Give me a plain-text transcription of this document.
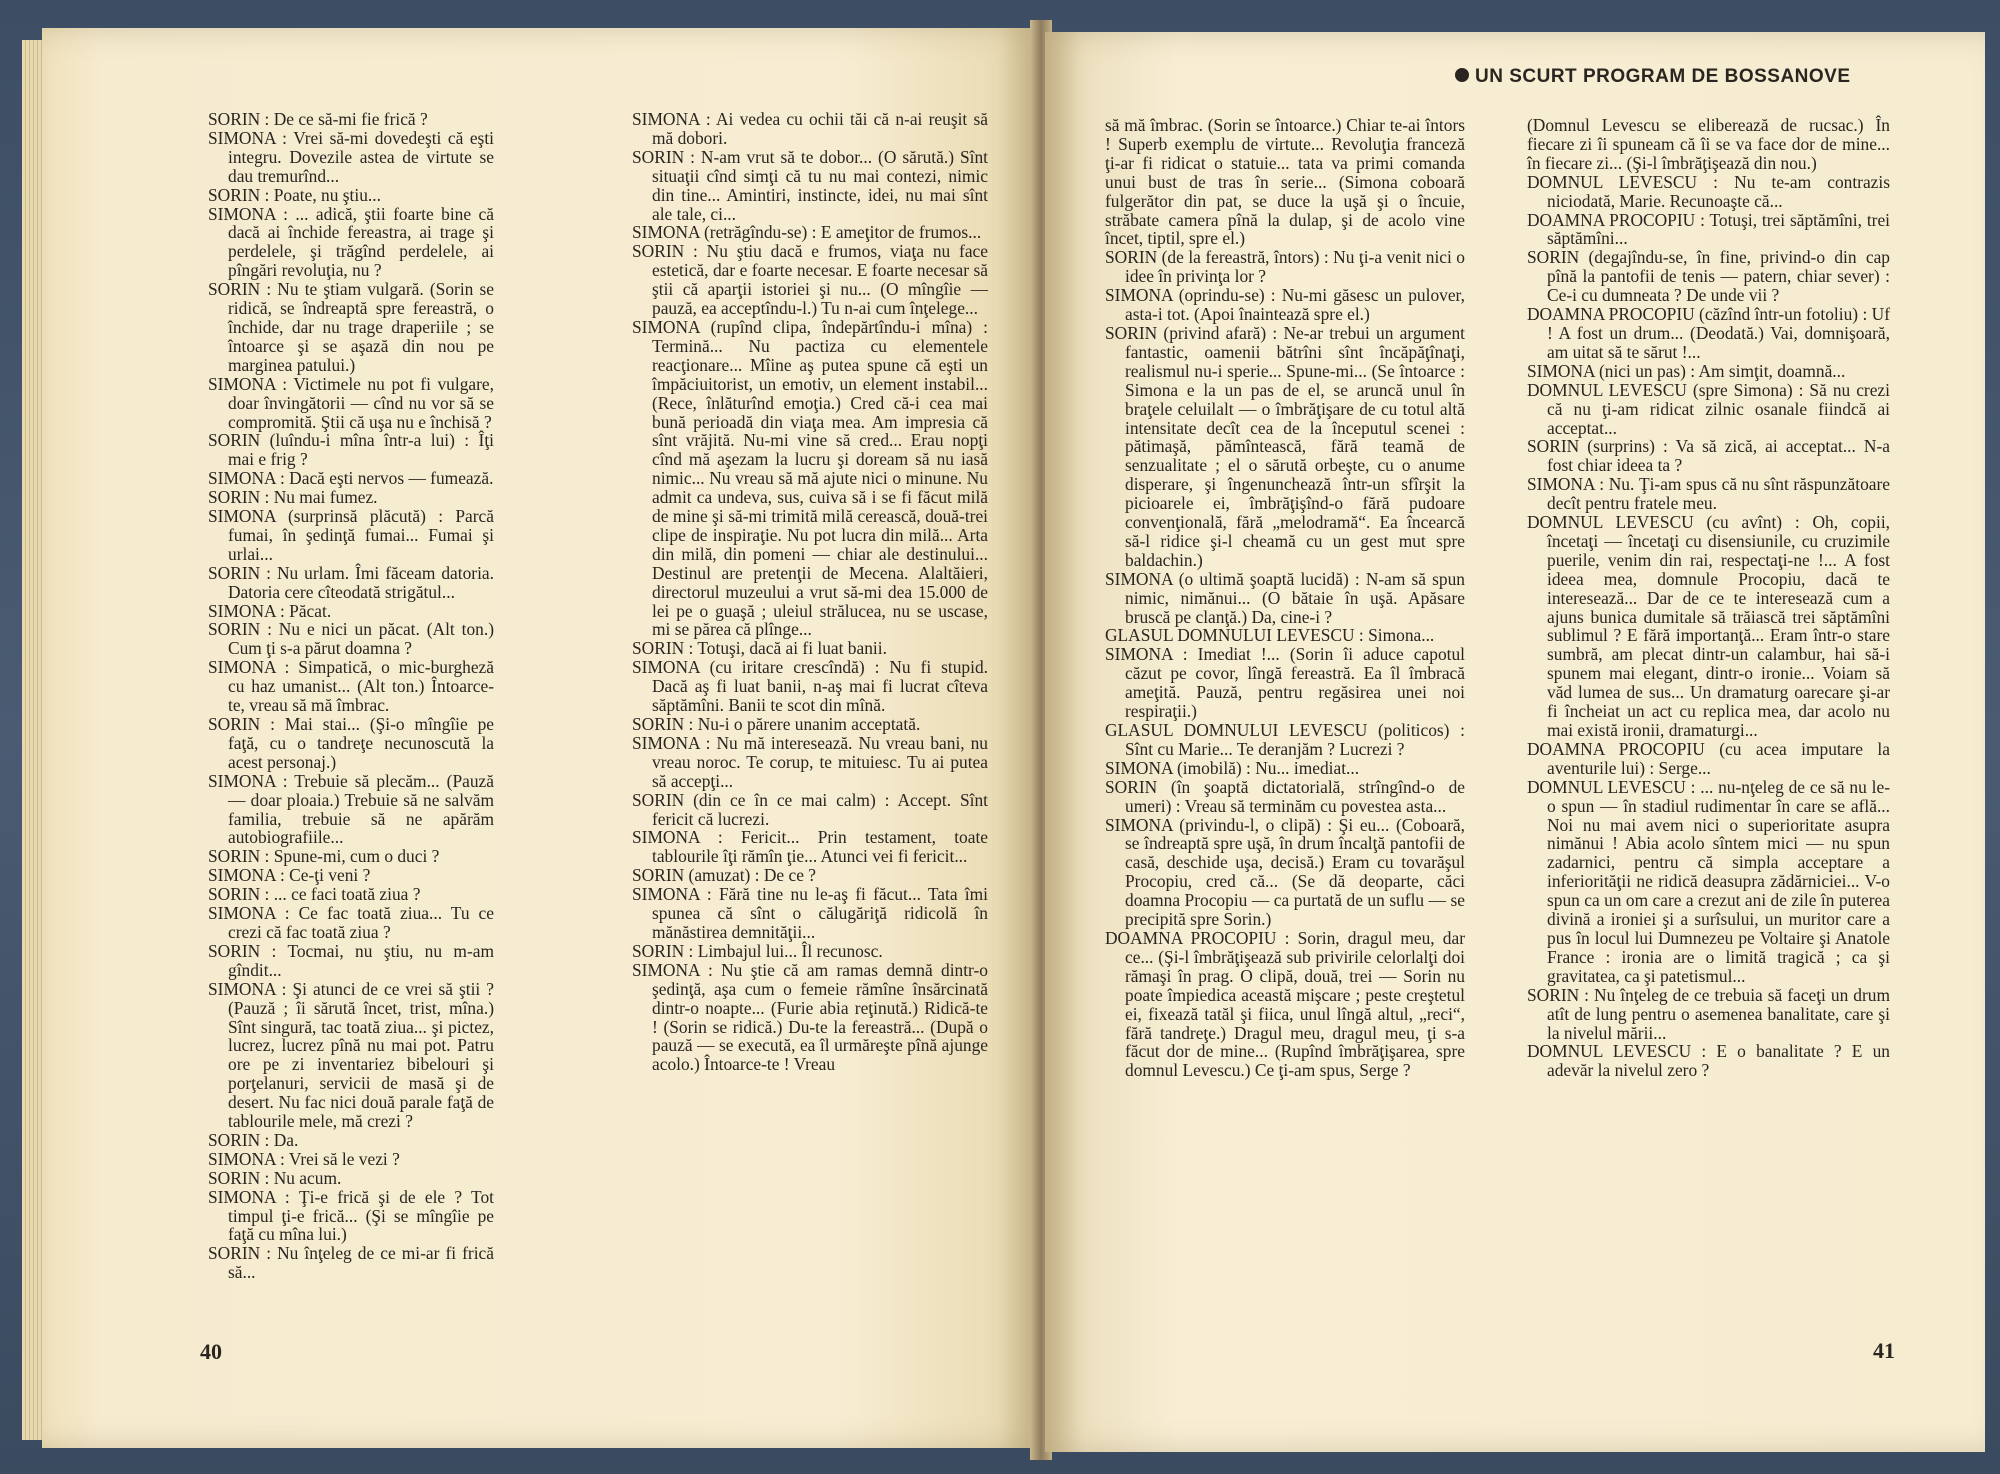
SORIN : De ce să-mi fie frică ?

SIMONA : Vrei să-mi dovedeşti că eşti integru. Dovezile astea de virtute se dau tremurînd...

SORIN : Poate, nu ştiu...

SIMONA : ... adică, ştii foarte bine că dacă ai închide fereastra, ai trage şi perdelele, şi trăgînd perdelele, ai pîngări revoluţia, nu ?

SORIN : Nu te ştiam vulgară. (Sorin se ridică, se îndreaptă spre fereastră, o închide, dar nu trage draperiile ; se întoarce şi se aşază din nou pe marginea patului.)

SIMONA : Victimele nu pot fi vulgare, doar învingătorii — cînd nu vor să se compromită. Ştii că uşa nu e închisă ?

SORIN (luîndu-i mîna într-a lui) : Îţi mai e frig ?

SIMONA : Dacă eşti nervos — fumează.

SORIN : Nu mai fumez.

SIMONA (surprinsă plăcută) : Parcă fumai, în şedinţă fumai... Fumai şi urlai...

SORIN : Nu urlam. Îmi făceam datoria. Datoria cere cîteodată strigătul...

SIMONA : Păcat.

SORIN : Nu e nici un păcat. (Alt ton.) Cum ţi s-a părut doamna ?

SIMONA : Simpatică, o mic-burgheză cu haz umanist... (Alt ton.) Întoarce-te, vreau să mă îmbrac.

SORIN : Mai stai... (Şi-o mîngîie pe faţă, cu o tandreţe necunoscută la acest personaj.)

SIMONA : Trebuie să plecăm... (Pauză — doar ploaia.) Trebuie să ne salvăm familia, trebuie să ne apărăm autobiografiile...

SORIN : Spune-mi, cum o duci ?

SIMONA : Ce-ţi veni ?

SORIN : ... ce faci toată ziua ?

SIMONA : Ce fac toată ziua... Tu ce crezi că fac toată ziua ?

SORIN : Tocmai, nu ştiu, nu m-am gîndit...

SIMONA : Şi atunci de ce vrei să ştii ? (Pauză ; îi sărută încet, trist, mîna.) Sînt singură, tac toată ziua... şi pictez, lucrez, lucrez pînă nu mai pot. Patru ore pe zi inventariez bibelouri şi porţelanuri, servicii de masă şi de desert. Nu fac nici două parale faţă de tablourile mele, mă crezi ?

SORIN : Da.

SIMONA : Vrei să le vezi ?

SORIN : Nu acum.

SIMONA : Ţi-e frică şi de ele ? Tot timpul ţi-e frică... (Şi se mîngîie pe faţă cu mîna lui.)

SORIN : Nu înţeleg de ce mi-ar fi frică să...

SIMONA : Ai vedea cu ochii tăi că n-ai reuşit să mă dobori.

SORIN : N-am vrut să te dobor... (O sărută.) Sînt situaţii cînd simţi că tu nu mai contezi, nimic din tine... Amintiri, instincte, idei, nu mai sînt ale tale, ci...

SIMONA (retrăgîndu-se) : E ameţitor de frumos...

SORIN : Nu ştiu dacă e frumos, viaţa nu face estetică, dar e foarte necesar. E foarte necesar să ştii că aparţii istoriei şi nu... (O mîngîie — pauză, ea acceptîndu-l.) Tu n-ai cum înţelege...

SIMONA (rupînd clipa, îndepărtîndu-i mîna) : Termină... Nu pactiza cu elementele reacţionare... Mîine aş putea spune că eşti un împăciuitorist, un emotiv, un element instabil... (Rece, înlăturînd emoţia.) Cred că-i cea mai bună perioadă din viaţa mea. Am impresia că sînt vrăjită. Nu-mi vine să cred... Erau nopţi cînd mă aşezam la lucru şi doream să nu iasă nimic... Nu vreau să mă ajute nici o minune. Nu admit ca undeva, sus, cuiva să i se fi făcut milă de mine şi să-mi trimită milă cerească, două-trei clipe de inspiraţie. Nu pot lucra din milă... Arta din milă, din pomeni — chiar ale destinului... Destinul are pretenţii de Mecena. Alaltăieri, directorul muzeului a vrut să-mi dea 15.000 de lei pe o guaşă ; uleiul strălucea, nu se uscase, mi se părea că plînge...

SORIN : Totuşi, dacă ai fi luat banii.

SIMONA (cu iritare crescîndă) : Nu fi stupid. Dacă aş fi luat banii, n-aş mai fi lucrat cîteva săptămîni. Banii te scot din mînă.

SORIN : Nu-i o părere unanim acceptată.

SIMONA : Nu mă interesează. Nu vreau bani, nu vreau noroc. Te corup, te mituiesc. Tu ai putea să accepţi...

SORIN (din ce în ce mai calm) : Accept. Sînt fericit că lucrezi.

SIMONA : Fericit... Prin testament, toate tablourile îţi rămîn ţie... Atunci vei fi fericit...

SORIN (amuzat) : De ce ?

SIMONA : Fără tine nu le-aş fi făcut... Tata îmi spunea că sînt o călugăriţă ridicolă în mănăstirea demnităţii...

SORIN : Limbajul lui... Îl recunosc.

SIMONA : Nu ştie că am ramas demnă dintr-o şedinţă, aşa cum o femeie rămîne însărcinată dintr-o noapte... (Furie abia reţinută.) Ridică-te ! (Sorin se ridică.) Du-te la fereastră... (După o pauză — se execută, ea îl urmăreşte pînă ajunge acolo.) Întoarce-te ! Vreau

40
UN SCURT PROGRAM DE BOSSANOVE

să mă îmbrac. (Sorin se întoarce.) Chiar te-ai întors ! Superb exemplu de virtute... Revoluţia franceză ţi-ar fi ridicat o statuie... tata va primi comanda unui bust de tras în serie... (Simona coboară fulgerător din pat, se duce la uşă şi o încuie, străbate camera pînă la dulap, şi de acolo vine încet, tiptil, spre el.)

SORIN (de la fereastră, întors) : Nu ţi-a venit nici o idee în privinţa lor ?

SIMONA (oprindu-se) : Nu-mi găsesc un pulover, asta-i tot. (Apoi înaintează spre el.)

SORIN (privind afară) : Ne-ar trebui un argument fantastic, oamenii bătrîni sînt încăpăţînaţi, realismul nu-i sperie... Spune-mi... (Se întoarce : Simona e la un pas de el, se aruncă unul în braţele celuilalt — o îmbrăţişare de cu totul altă intensitate decît cea de la începutul scenei : pătimaşă, pămîntească, fără teamă de senzualitate ; el o sărută orbeşte, cu o anume disperare, şi îngenunchează într-un sfîrşit la picioarele ei, îmbrăţişînd-o fără pudoare convenţională, fără „melodramă“. Ea încearcă să-l ridice şi-l cheamă cu un gest mut spre baldachin.)

SIMONA (o ultimă şoaptă lucidă) : N-am să spun nimic, nimănui... (O bătaie în uşă. Apăsare bruscă pe clanţă.) Da, cine-i ?

GLASUL DOMNULUI LEVESCU : Simona...

SIMONA : Imediat !... (Sorin îi aduce capotul căzut pe covor, lîngă fereastră. Ea îl îmbracă ameţită. Pauză, pentru regăsirea unei noi respiraţii.)

GLASUL DOMNULUI LEVESCU (politicos) : Sînt cu Marie... Te deranjăm ? Lucrezi ?

SIMONA (imobilă) : Nu... imediat...

SORIN (în şoaptă dictatorială, strîngînd-o de umeri) : Vreau să terminăm cu povestea asta...

SIMONA (privindu-l, o clipă) : Şi eu... (Coboară, se îndreaptă spre uşă, în drum încalţă pantofii de casă, deschide uşa, decisă.) Eram cu tovarăşul Procopiu, cred că... (Se dă deoparte, căci doamna Procopiu — ca purtată de un suflu — se precipită spre Sorin.)

DOAMNA PROCOPIU : Sorin, dragul meu, dar ce... (Şi-l îmbrăţişează sub privirile celorlalţi doi rămaşi în prag. O clipă, două, trei — Sorin nu poate împiedica această mişcare ; peste creştetul ei, fixează tatăl şi fiica, unul lîngă altul, „reci“, fără tandreţe.) Dragul meu, dragul meu, ţi s-a făcut dor de mine... (Rupînd îmbrăţişarea, spre domnul Levescu.) Ce ţi-am spus, Serge ?

(Domnul Levescu se eliberează de rucsac.) În fiecare zi îi spuneam că îi se va face dor de mine... în fiecare zi... (Şi-l îmbrăţişează din nou.)

DOMNUL LEVESCU : Nu te-am contrazis niciodată, Marie. Recunoaşte că...

DOAMNA PROCOPIU : Totuşi, trei săptămîni, trei săptămîni...

SORIN (degajîndu-se, în fine, privind-o din cap pînă la pantofii de tenis — patern, chiar sever) : Ce-i cu dumneata ? De unde vii ?

DOAMNA PROCOPIU (căzînd într-un fotoliu) : Uf ! A fost un drum... (Deodată.) Vai, domnişoară, am uitat să te sărut !...

SIMONA (nici un pas) : Am simţit, doamnă...

DOMNUL LEVESCU (spre Simona) : Să nu crezi că nu ţi-am ridicat zilnic osanale fiindcă ai acceptat...

SORIN (surprins) : Va să zică, ai acceptat... N-a fost chiar ideea ta ?

SIMONA : Nu. Ţi-am spus că nu sînt răspunzătoare decît pentru fratele meu.

DOMNUL LEVESCU (cu avînt) : Oh, copii, încetaţi — încetaţi cu disensiunile, cu cruzimile puerile, venim din rai, respectaţi-ne !... A fost ideea mea, domnule Procopiu, dacă te interesează... Dar de ce te interesează cum a ajuns bunica dumitale să trăiască trei săptămîni sublimul ? E fără importanţă... Eram într-o stare sumbră, am plecat dintr-un calambur, hai să-i spunem mai elegant, dintr-o ironie... Voiam să văd lumea de sus... Un dramaturg oarecare şi-ar fi încheiat un act cu replica mea, dar acolo nu mai există ironii, dramaturgi...

DOAMNA PROCOPIU (cu acea imputare la aventurile lui) : Serge...

DOMNUL LEVESCU : ... nu-nţeleg de ce să nu le-o spun — în stadiul rudimentar în care se află... Noi nu mai avem nici o superioritate asupra nimănui ! Abia acolo sîntem mici — nu spun zadarnici, pentru că simpla acceptare a inferiorităţii ne ridică deasupra zădărniciei... V-o spun ca un om care a crezut ani de zile în puterea divină a ironiei şi a surîsului, un muritor care a pus în locul lui Dumnezeu pe Voltaire şi Anatole France : ironia are o limită tragică ; ca şi gravitatea, ca şi patetismul...

SORIN : Nu înţeleg de ce trebuia să faceţi un drum atît de lung pentru o asemenea banalitate, care şi la nivelul mării...

DOMNUL LEVESCU : E o banalitate ? E un adevăr la nivelul zero ?

41
